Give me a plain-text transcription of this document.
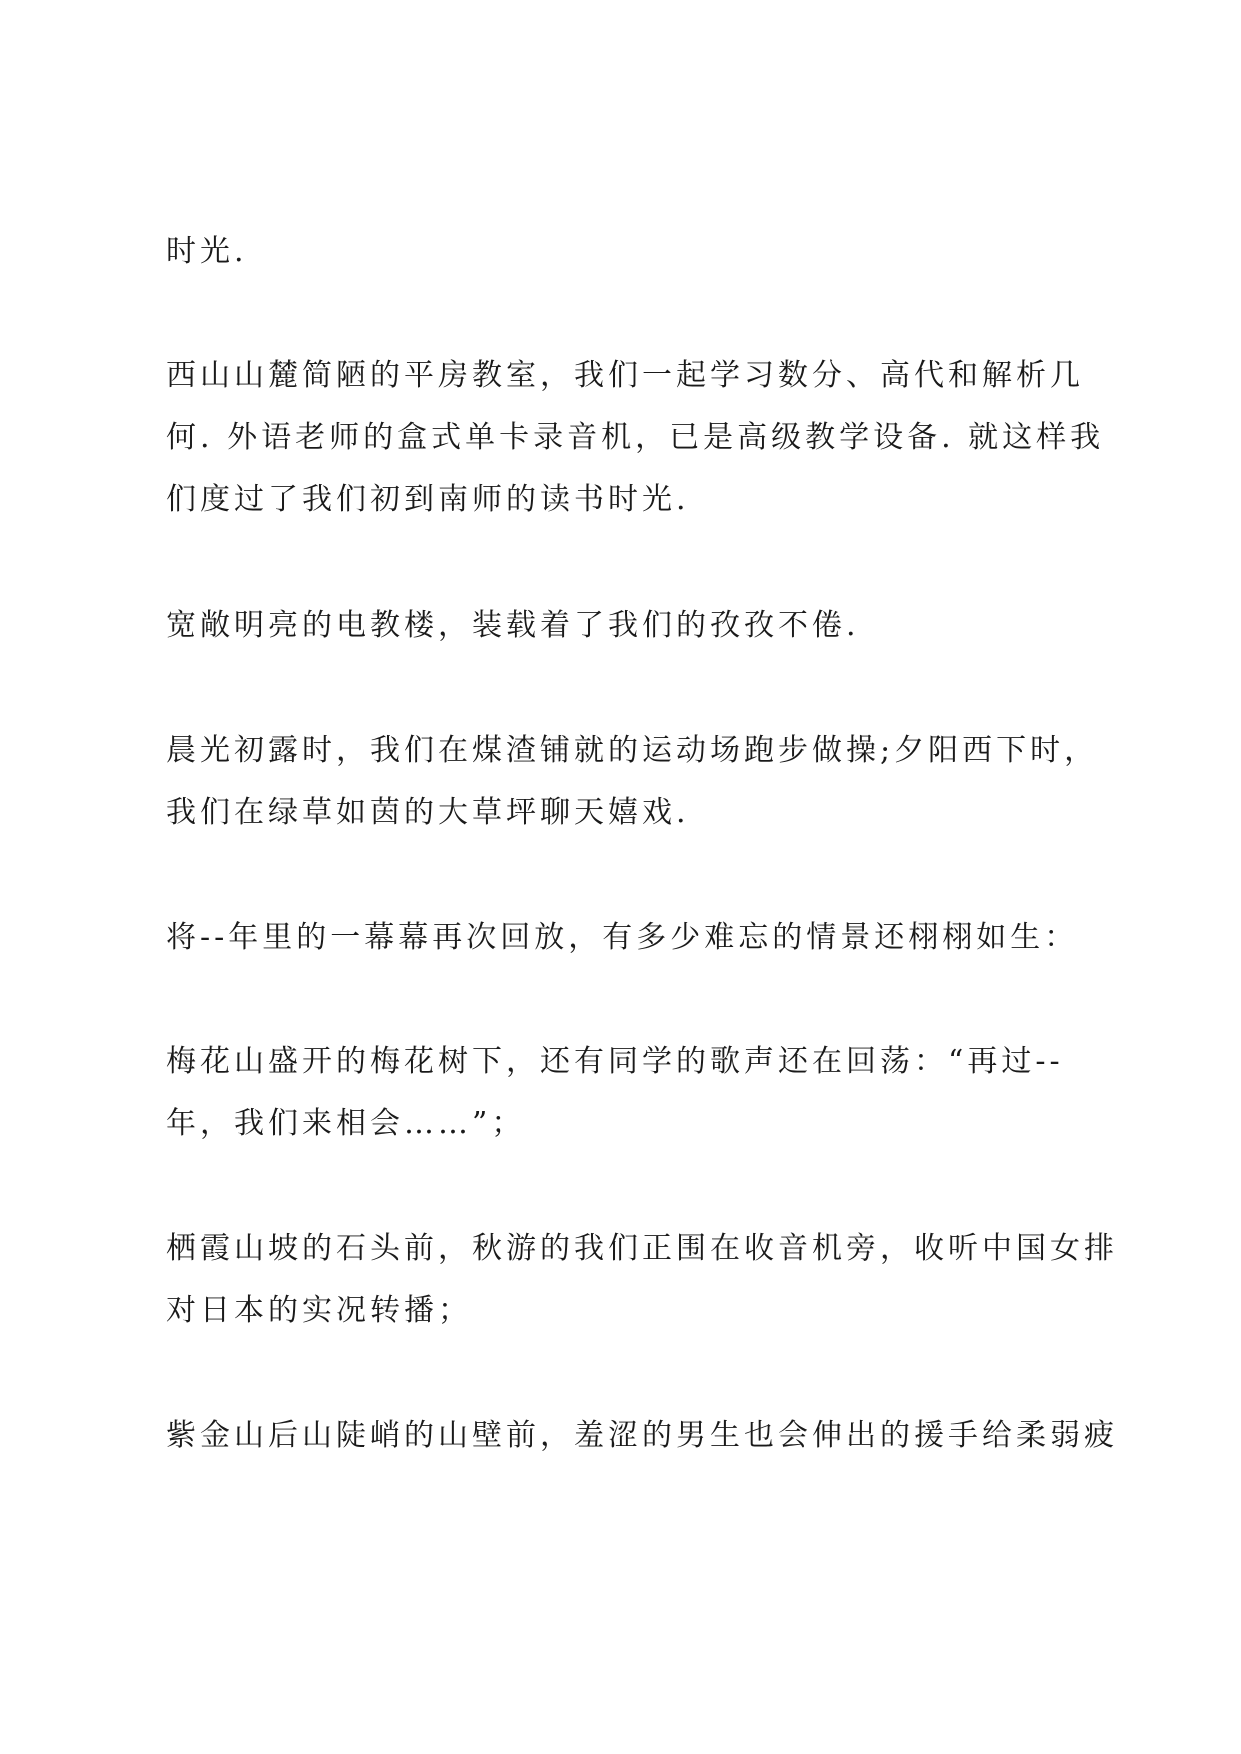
时光.
西山山麓简陋的平房教室，我们一起学习数分、高代和解析几
何. 外语老师的盒式单卡录音机，已是高级教学设备. 就这样我
们度过了我们初到南师的读书时光.
宽敞明亮的电教楼，装载着了我们的孜孜不倦.
晨光初露时，我们在煤渣铺就的运动场跑步做操;夕阳西下时，
我们在绿草如茵的大草坪聊天嬉戏.
将--年里的一幕幕再次回放，有多少难忘的情景还栩栩如生：
梅花山盛开的梅花树下，还有同学的歌声还在回荡：“再过--
年，我们来相会……”；
栖霞山坡的石头前，秋游的我们正围在收音机旁，收听中国女排
对日本的实况转播；
紫金山后山陡峭的山壁前，羞涩的男生也会伸出的援手给柔弱疲
